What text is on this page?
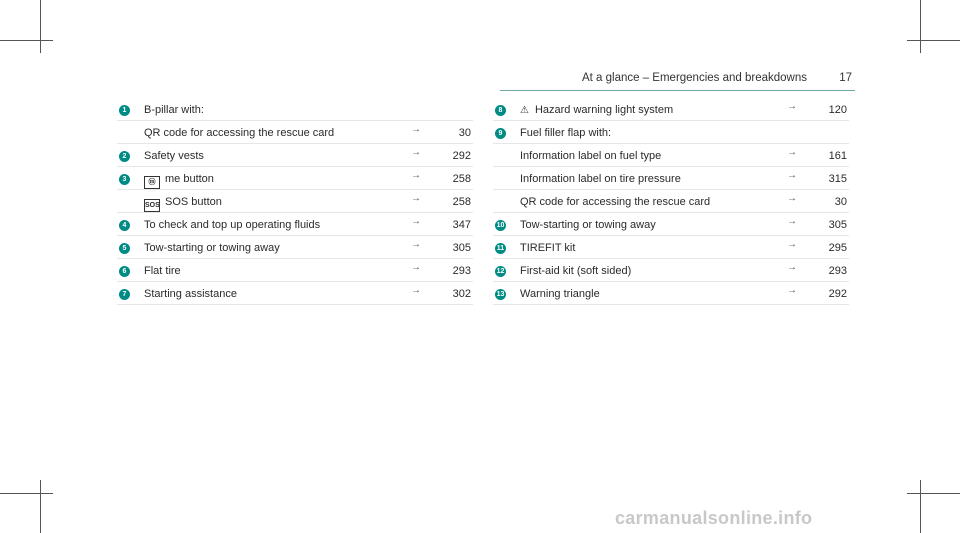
At a glance – Emergencies and breakdowns	17
1	B-pillar with:
QR code for accessing the rescue card	→	30
2	Safety vests	→	292
3	ⓜ me button	→	258
SOS SOS button	→	258
4	To check and top up operating fluids	→	347
5	Tow-starting or towing away	→	305
6	Flat tire	→	293
7	Starting assistance	→	302
8	⚠ Hazard warning light system	→	120
9	Fuel filler flap with:
Information label on fuel type	→	161
Information label on tire pressure	→	315
QR code for accessing the rescue card	→	30
10 Tow-starting or towing away	→	305
11 TIREFIT kit	→	295
12 First-aid kit (soft sided)	→	293
13 Warning triangle	→	292
carmanualsonline.info
